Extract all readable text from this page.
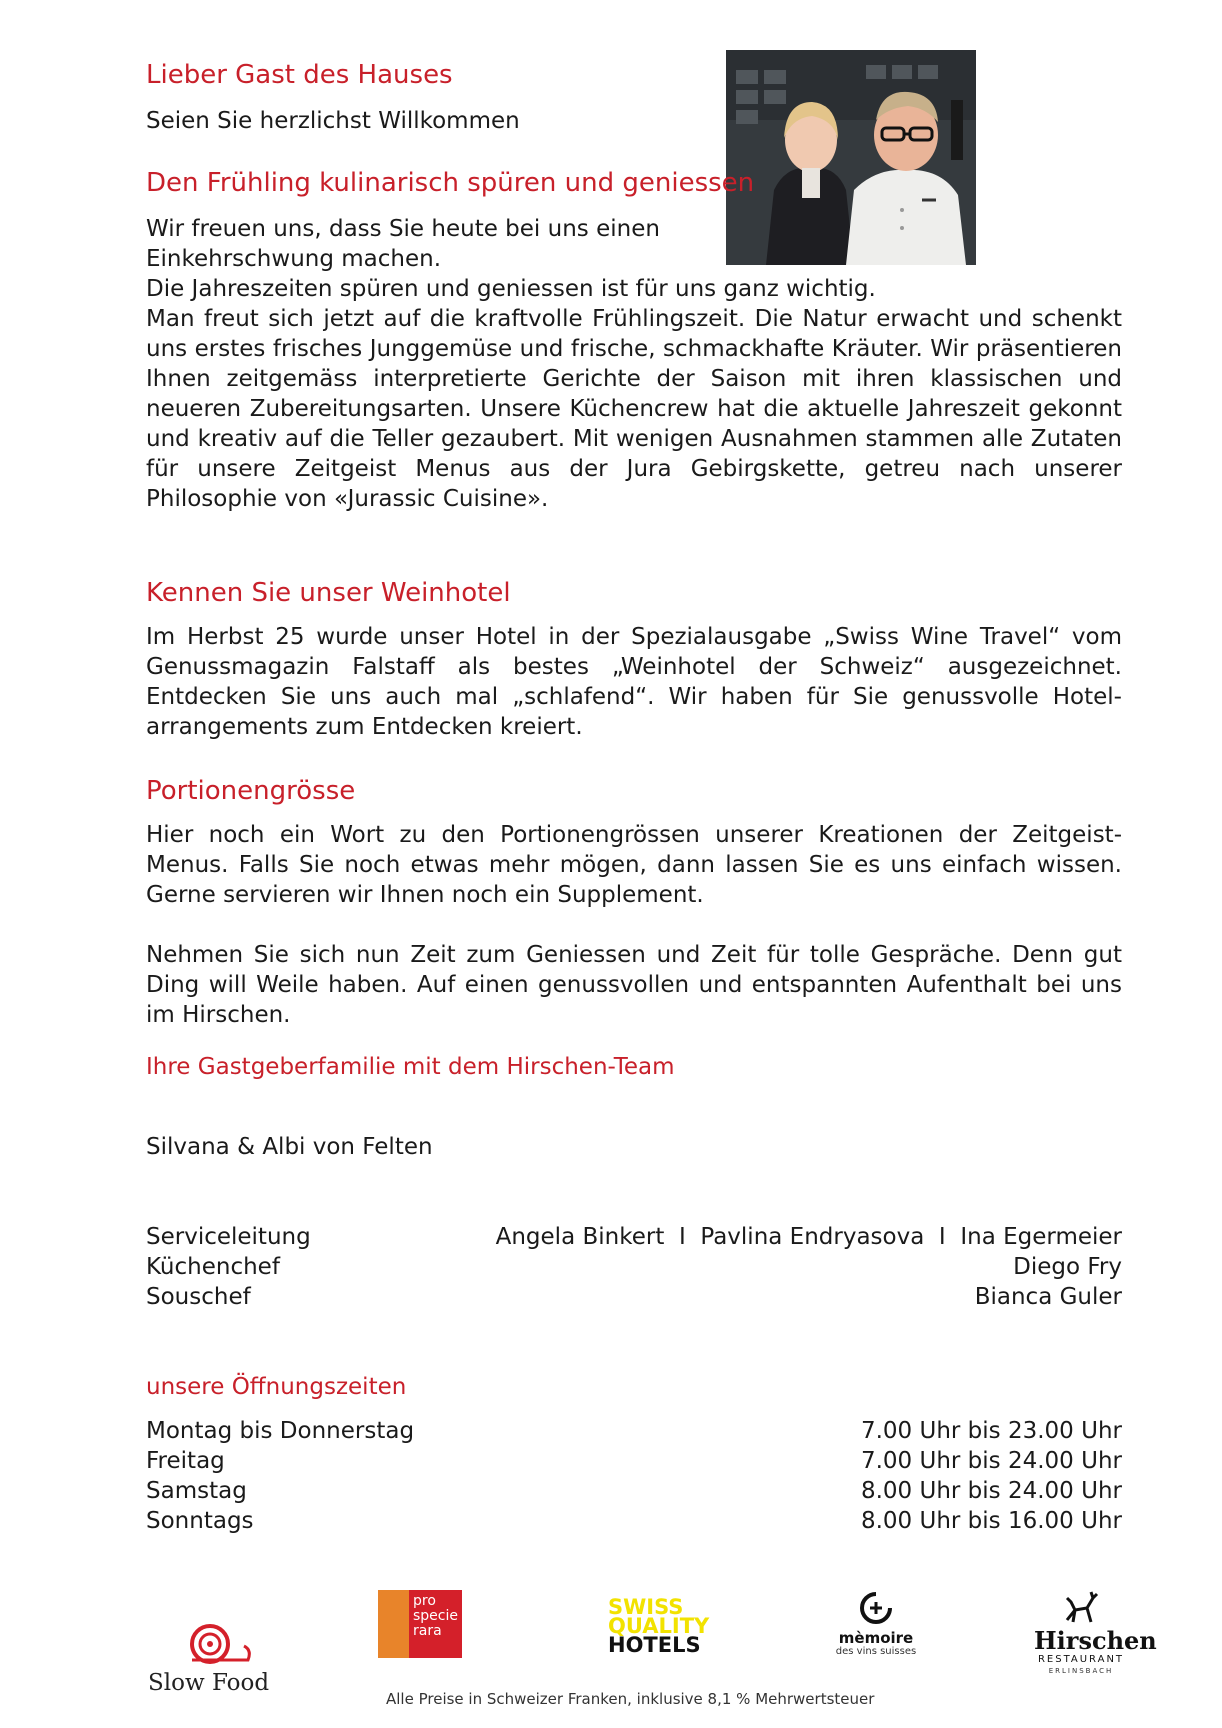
Lieber Gast des Hauses

Seien Sie herzlichst Willkommen

Den Frühling kulinarisch spüren und geniessen

Wir freuen uns, dass Sie heute bei uns einen

Einkehrschwung machen.

Die Jahreszeiten spüren und geniessen ist für uns ganz wichtig.

Man freut sich jetzt auf die kraftvolle Frühlingszeit. Die Natur erwacht und schenkt uns erstes frisches Junggemüse und frische, schmackhafte Kräuter. Wir präsentieren Ihnen zeitgemäss interpretierte Gerichte der Saison mit ihren klassischen und neueren Zubereitungsarten. Unsere Küchencrew hat die aktuelle Jahreszeit gekonnt und kreativ auf die Teller gezaubert. Mit wenigen Ausnahmen stammen alle Zutaten für unsere Zeitgeist Menus aus der Jura Gebirgskette, getreu nach unserer Philosophie von «Jurassic Cuisine».

Kennen Sie unser Weinhotel

Im Herbst 25 wurde unser Hotel in der Spezialausgabe „Swiss Wine Travel“ vom Genussmagazin Falstaff als bestes „Weinhotel der Schweiz“ ausgezeichnet. Entdecken Sie uns auch mal „schlafend“. Wir haben für Sie genussvolle Hotel-arrangements zum Entdecken kreiert.

Portionengrösse

Hier noch ein Wort zu den Portionengrössen unserer Kreationen der Zeitgeist-Menus. Falls Sie noch etwas mehr mögen, dann lassen Sie es uns einfach wissen. Gerne servieren wir Ihnen noch ein Supplement.

Nehmen Sie sich nun Zeit zum Geniessen und Zeit für tolle Gespräche. Denn gut Ding will Weile haben. Auf einen genussvollen und entspannten Aufenthalt bei uns im Hirschen.

Ihre Gastgeberfamilie mit dem Hirschen-Team

Silvana & Albi von Felten

Serviceleitung	Angela Binkert  I  Pavlina Endryasova  I  Ina Egermeier
Küchenchef	Diego Fry
Souschef	Bianca Guler

unsere Öffnungszeiten

Montag bis Donnerstag	7.00 Uhr bis 23.00 Uhr
Freitag	7.00 Uhr bis 24.00 Uhr
Samstag	8.00 Uhr bis 24.00 Uhr
Sonntags	8.00 Uhr bis 16.00 Uhr
Slow Food
pro
specie
rara
SWISS
QUALITY
HOTELS	mèmoire
des vins suisses	Hirschen
RESTAURANT
ERLINSBACH
Alle Preise in Schweizer Franken, inklusive 8,1 % Mehrwertsteuer
